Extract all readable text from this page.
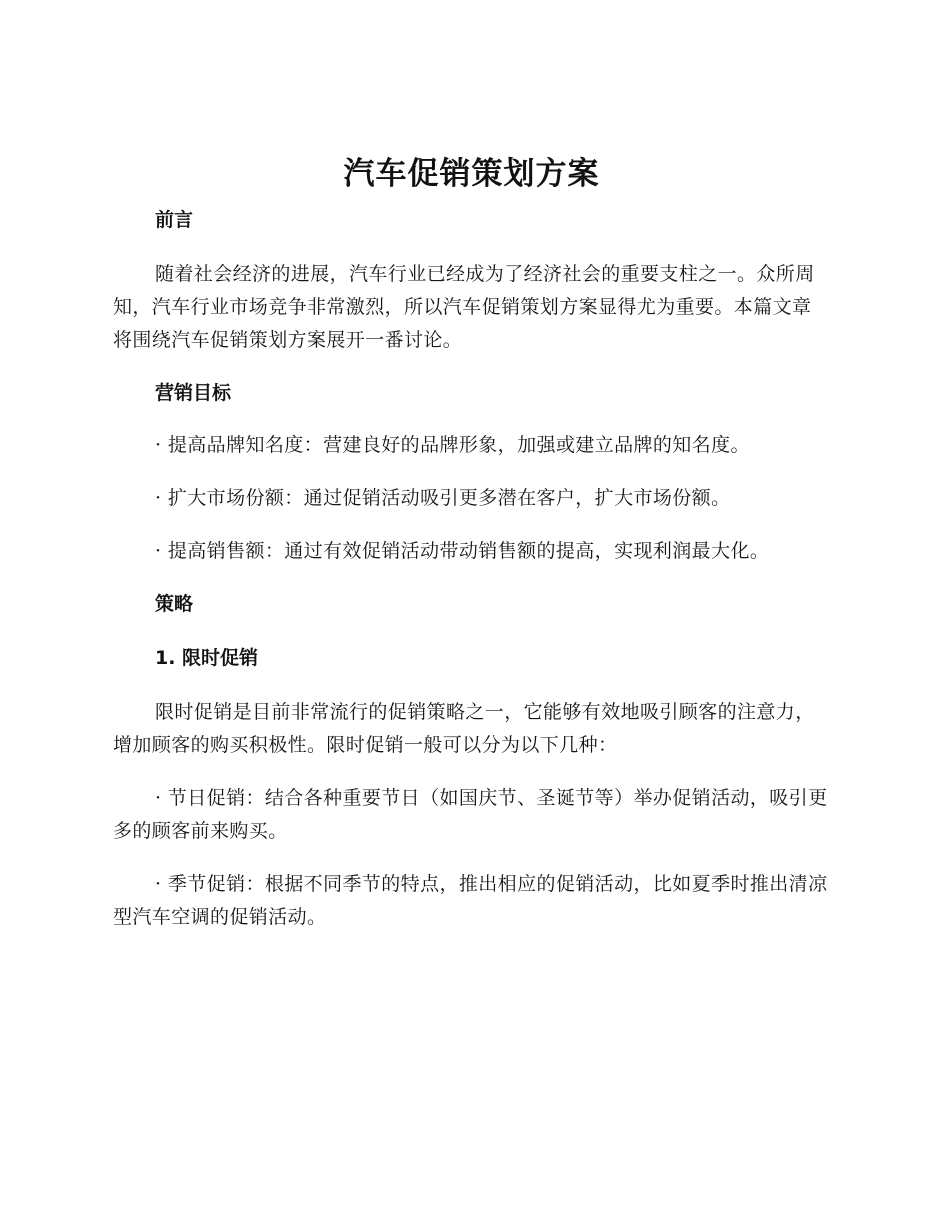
汽车促销策划方案
前言

随着社会经济的进展，汽车行业已经成为了经济社会的重要支柱之一。众所周知，汽车行业市场竞争非常激烈，所以汽车促销策划方案显得尤为重要。本篇文章将围绕汽车促销策划方案展开一番讨论。

营销目标

· 提高品牌知名度：营建良好的品牌形象，加强或建立品牌的知名度。

· 扩大市场份额：通过促销活动吸引更多潜在客户，扩大市场份额。

· 提高销售额：通过有效促销活动带动销售额的提高，实现利润最大化。

策略
1. 限时促销

限时促销是目前非常流行的促销策略之一，它能够有效地吸引顾客的注意力，增加顾客的购买积极性。限时促销一般可以分为以下几种：

· 节日促销：结合各种重要节日（如国庆节、圣诞节等）举办促销活动，吸引更多的顾客前来购买。

· 季节促销：根据不同季节的特点，推出相应的促销活动，比如夏季时推出清凉型汽车空调的促销活动。
